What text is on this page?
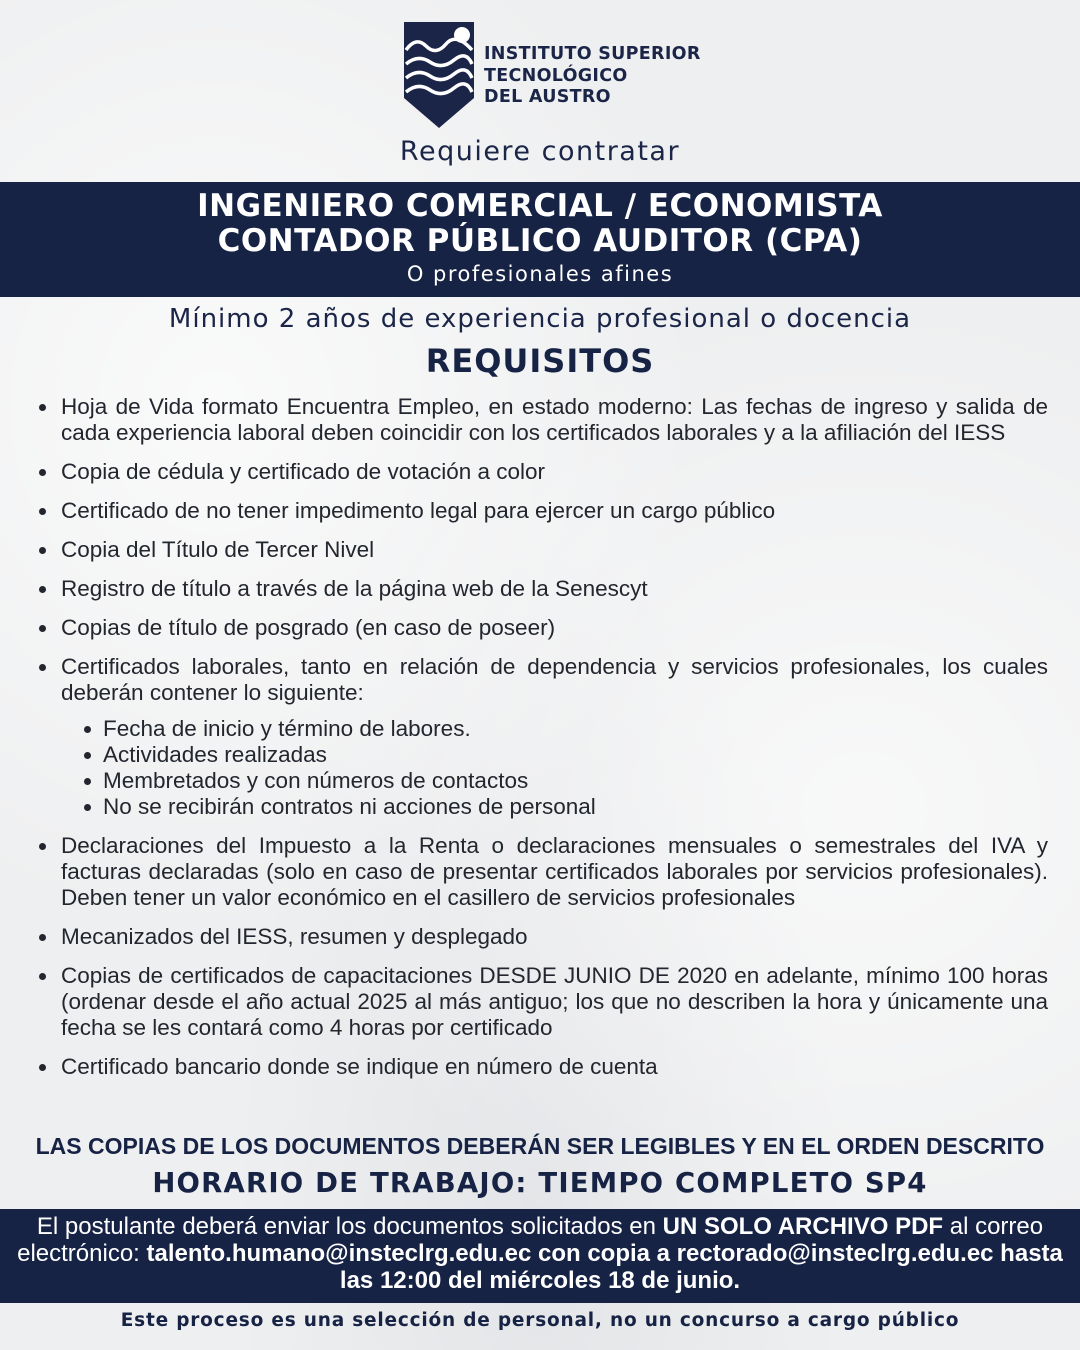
INSTITUTO SUPERIOR
TECNOLÓGICO
DEL AUSTRO
Requiere contratar
INGENIERO COMERCIAL / ECONOMISTA
CONTADOR PÚBLICO AUDITOR (CPA)
O profesionales afines
Mínimo 2 años de experiencia profesional o docencia
REQUISITOS
Hoja de Vida formato Encuentra Empleo, en estado moderno: Las fechas de ingreso y salida de cada experiencia laboral deben coincidir con los certificados laborales y a la afiliación del IESS
Copia de cédula y certificado de votación a color
Certificado de no tener impedimento legal para ejercer un cargo público
Copia del Título de Tercer Nivel
Registro de título a través de la página web de la Senescyt
Copias de título de posgrado (en caso de poseer)
Certificados laborales, tanto en relación de dependencia y servicios profesionales, los cuales deberán contener lo siguiente:
Fecha de inicio y término de labores.
Actividades realizadas
Membretados y con números de contactos
No se recibirán contratos ni acciones de personal
Declaraciones del Impuesto a la Renta o declaraciones mensuales o semestrales del IVA y facturas declaradas (solo en caso de presentar certificados laborales por servicios profesionales). Deben tener un valor económico en el casillero de servicios profesionales
Mecanizados del IESS, resumen y desplegado
Copias de certificados de capacitaciones DESDE JUNIO DE 2020 en adelante, mínimo 100 horas (ordenar desde el año actual 2025 al más antiguo; los que no describen la hora y únicamente una fecha se les contará como 4 horas por certificado
Certificado bancario donde se indique en número de cuenta
LAS COPIAS DE LOS DOCUMENTOS DEBERÁN SER LEGIBLES Y EN EL ORDEN DESCRITO
HORARIO DE TRABAJO: TIEMPO COMPLETO SP4
El postulante deberá enviar los documentos solicitados en UN SOLO ARCHIVO PDF al correo electrónico: talento.humano@insteclrg.edu.ec con copia a rectorado@insteclrg.edu.ec hasta las 12:00 del miércoles 18 de junio.
Este proceso es una selección de personal, no un concurso a cargo público
